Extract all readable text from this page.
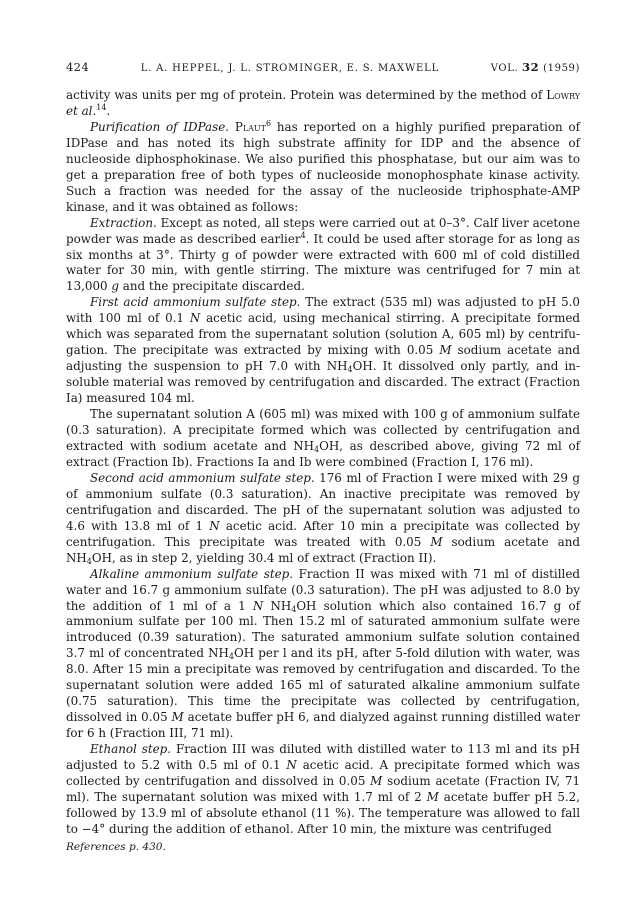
424	L. A. HEPPEL, J. L. STROMINGER, E. S. MAXWELL	VOL. 32 (1959)

activity was units per mg of protein. Protein was determined by the method of Lowry et al.$^{14}$.

Purification of IDPase. Plaut$^6$ has reported on a highly purified preparation of IDPase and has noted its high substrate affinity for IDP and the absence of nucleoside diphosphokinase. We also purified this phosphatase, but our aim was to get a preparation free of both types of nucleoside monophosphate kinase activity. Such a fraction was needed for the assay of the nucleoside triphosphate-AMP kinase, and it was obtained as follows:

Extraction. Except as noted, all steps were carried out at 0–3°. Calf liver acetone powder was made as described earlier$^4$. It could be used after storage for as long as six months at 3°. Thirty g of powder were extracted with 600 ml of cold distilled water for 30 min, with gentle stirring. The mixture was centrifuged for 7 min at 13,000 g and the precipitate discarded.

First acid ammonium sulfate step. The extract (535 ml) was adjusted to pH 5.0 with 100 ml of 0.1 N acetic acid, using mechanical stirring. A precipitate formed which was separated from the supernatant solution (solution A, 605 ml) by centrifugation. The precipitate was extracted by mixing with 0.05 M sodium acetate and adjusting the suspension to pH 7.0 with $NH_4OH$. It dissolved only partly, and insoluble material was removed by centrifugation and discarded. The extract (Fraction Ia) measured 104 ml.

The supernatant solution A (605 ml) was mixed with 100 g of ammonium sulfate (0.3 saturation). A precipitate formed which was collected by centrifugation and extracted with sodium acetate and $NH_4OH$, as described above, giving 72 ml of extract (Fraction Ib). Fractions Ia and Ib were combined (Fraction I, 176 ml).

Second acid ammonium sulfate step. 176 ml of Fraction I were mixed with 29 g of ammonium sulfate (0.3 saturation). An inactive precipitate was removed by centrifugation and discarded. The pH of the supernatant solution was adjusted to 4.6 with 13.8 ml of 1 N acetic acid. After 10 min a precipitate was collected by centrifugation. This precipitate was treated with 0.05 M sodium acetate and $NH_4OH$, as in step 2, yielding 30.4 ml of extract (Fraction II).

Alkaline ammonium sulfate step. Fraction II was mixed with 71 ml of distilled water and 16.7 g ammonium sulfate (0.3 saturation). The pH was adjusted to 8.0 by the addition of 1 ml of a 1 N $NH_4OH$ solution which also contained 16.7 g of ammonium sulfate per 100 ml. Then 15.2 ml of saturated ammonium sulfate were introduced (0.39 saturation). The saturated ammonium sulfate solution contained 3.7 ml of concentrated $NH_4OH$ per l and its pH, after 5-fold dilution with water, was 8.0. After 15 min a precipitate was removed by centrifugation and discarded. To the supernatant solution were added 165 ml of saturated alkaline ammonium sulfate (0.75 saturation). This time the precipitate was collected by centrifugation, dissolved in 0.05 M acetate buffer pH 6, and dialyzed against running distilled water for 6 h (Fraction III, 71 ml).

Ethanol step. Fraction III was diluted with distilled water to 113 ml and its pH adjusted to 5.2 with 0.5 ml of 0.1 N acetic acid. A precipitate formed which was collected by centrifugation and dissolved in 0.05 M sodium acetate (Fraction IV, 71 ml). The supernatant solution was mixed with 1.7 ml of 2 M acetate buffer pH 5.2, followed by 13.9 ml of absolute ethanol (11 %). The temperature was allowed to fall to −4° during the addition of ethanol. After 10 min, the mixture was centrifuged

References p. 430.
